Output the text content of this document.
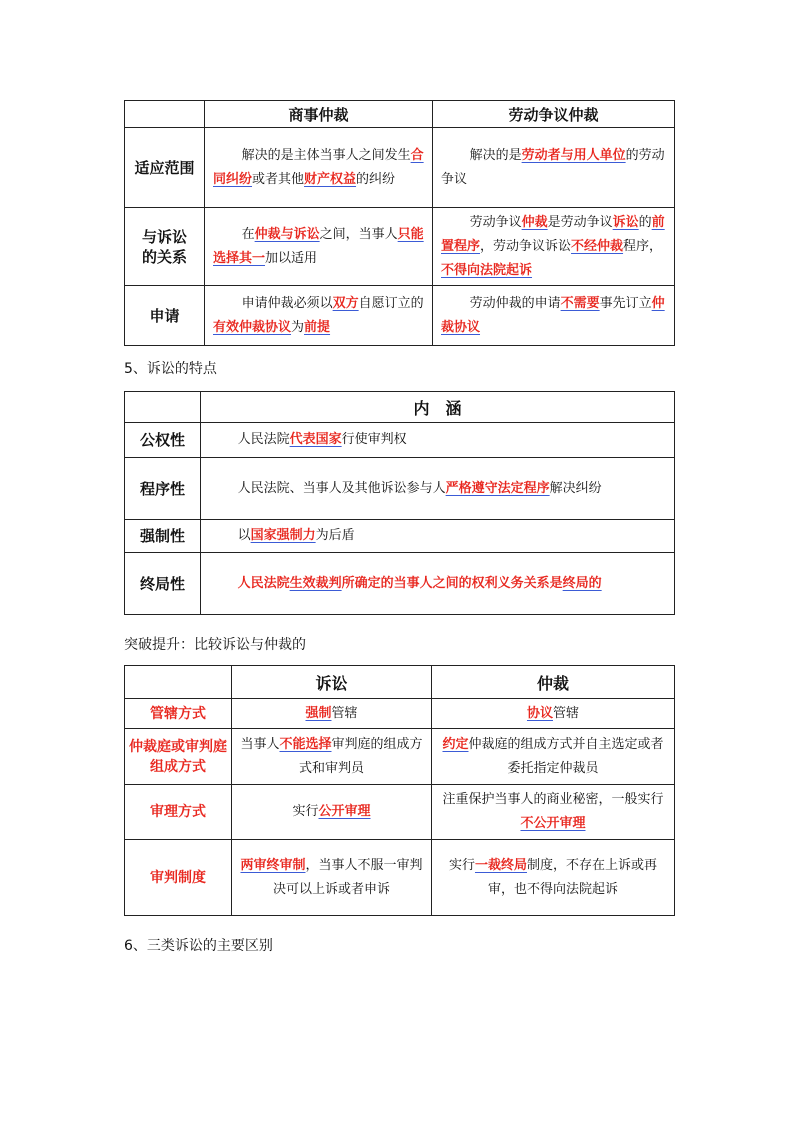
	商事仲裁	劳动争议仲裁
适应范围	解决的是主体当事人之间发生合同纠纷或者其他财产权益的纠纷	解决的是劳动者与用人单位的劳动争议
与诉讼的关系	在仲裁与诉讼之间，当事人只能选择其一加以适用	劳动争议仲裁是劳动争议诉讼的前置程序，劳动争议诉讼不经仲裁程序，不得向法院起诉
申请	申请仲裁必须以双方自愿订立的有效仲裁协议为前提	劳动仲裁的申请不需要事先订立仲裁协议
5、诉讼的特点
	内　涵
公权性	人民法院代表国家行使审判权
程序性	人民法院、当事人及其他诉讼参与人严格遵守法定程序解决纠纷
强制性	以国家强制力为后盾
终局性	人民法院生效裁判所确定的当事人之间的权利义务关系是终局的
突破提升：比较诉讼与仲裁的
	诉讼	仲裁
管辖方式	强制管辖	协议管辖
仲裁庭或审判庭组成方式	当事人不能选择审判庭的组成方式和审判员	约定仲裁庭的组成方式并自主选定或者委托指定仲裁员
审理方式	实行公开审理	注重保护当事人的商业秘密，一般实行不公开审理
审判制度	两审终审制，当事人不服一审判决可以上诉或者申诉	实行一裁终局制度，不存在上诉或再审，也不得向法院起诉
6、三类诉讼的主要区别
